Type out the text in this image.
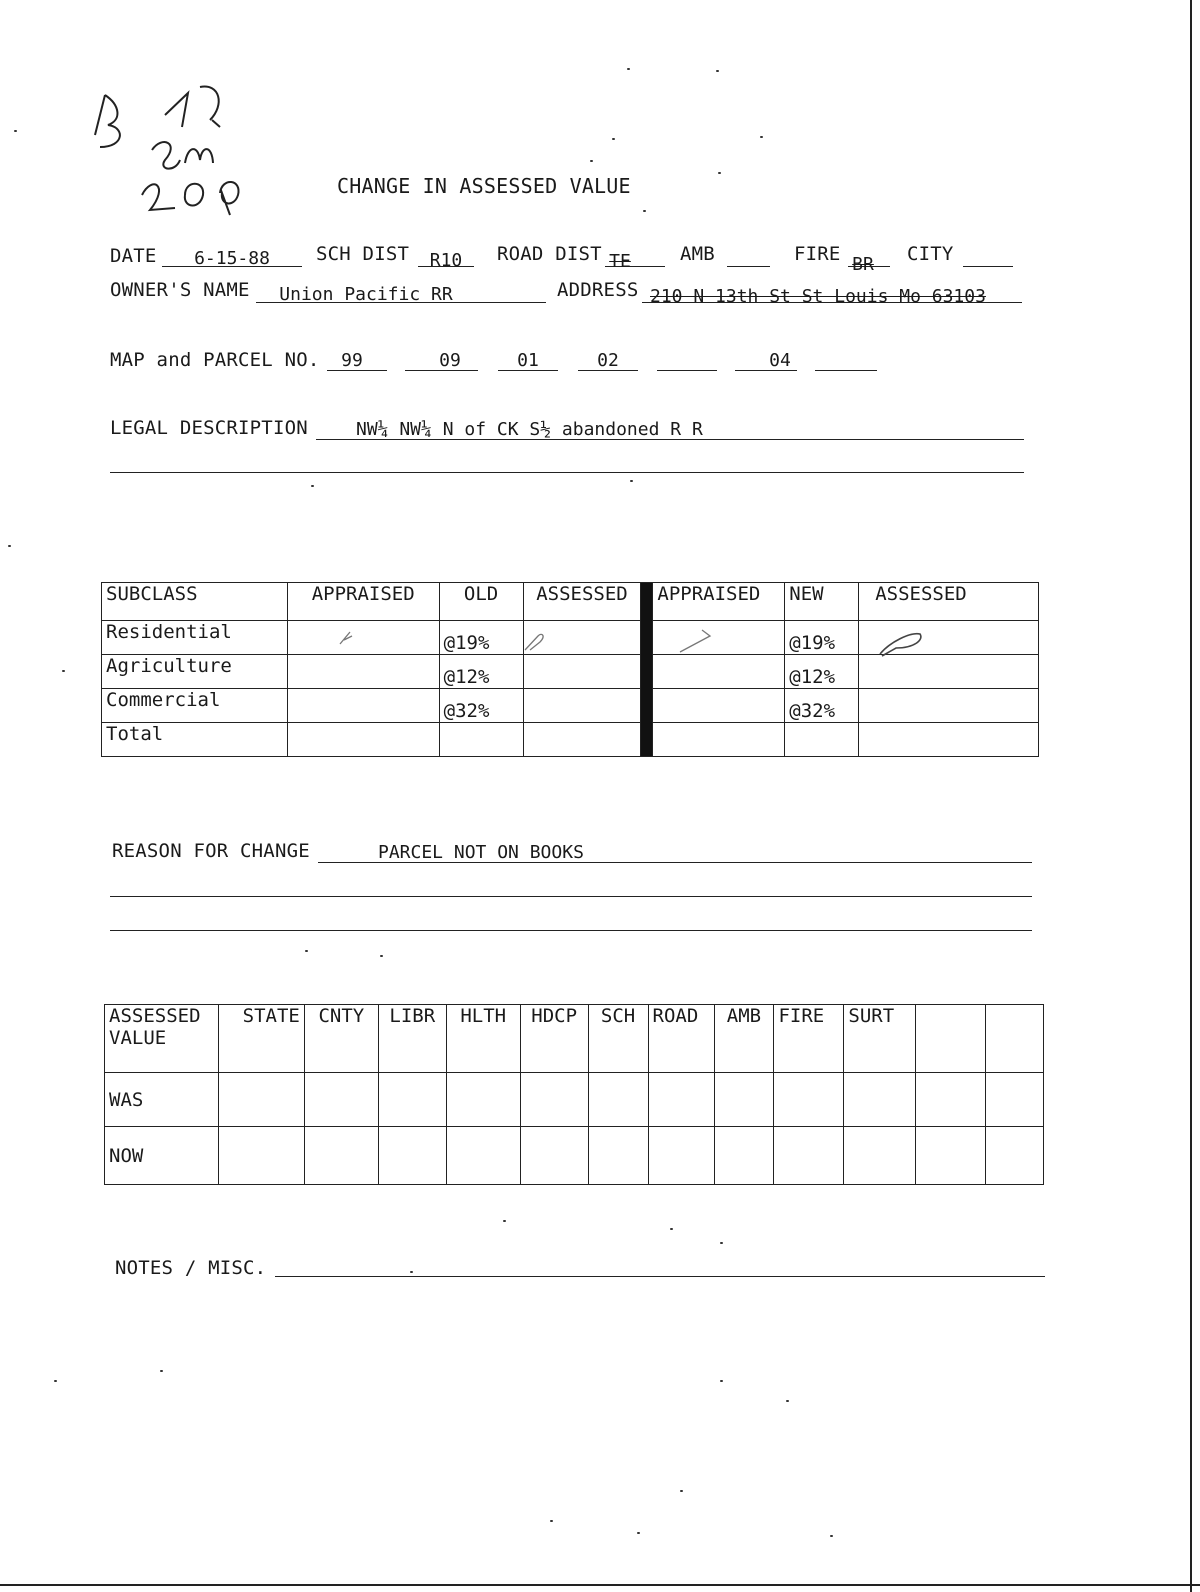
CHANGE IN ASSESSED VALUE
DATE	6-15-88	SCH DIST	R10	ROAD DIST TE	AMB	FIRE BR CITY
OWNER'S NAME	Union Pacific RR	ADDRESS 210 N 13th St St Louis Mo 63103
MAP and PARCEL NO.	99	09	01	02	04
LEGAL DESCRIPTION	NW¼ NW¼ N of CK S½ abandoned R R
SUBCLASS	APPRAISED	OLD	ASSESSED		APPRAISED	NEW	ASSESSED
Residential		@19%				@19%	
Agriculture		@12%				@12%	
Commercial		@32%				@32%	
Total							
REASON FOR CHANGE	PARCEL NOT ON BOOKS
ASSESSED
VALUE	STATE	CNTY	LIBR	HLTH	HDCP	SCH	ROAD	AMB	FIRE	SURT		
WAS												
NOW												
NOTES / MISC.
